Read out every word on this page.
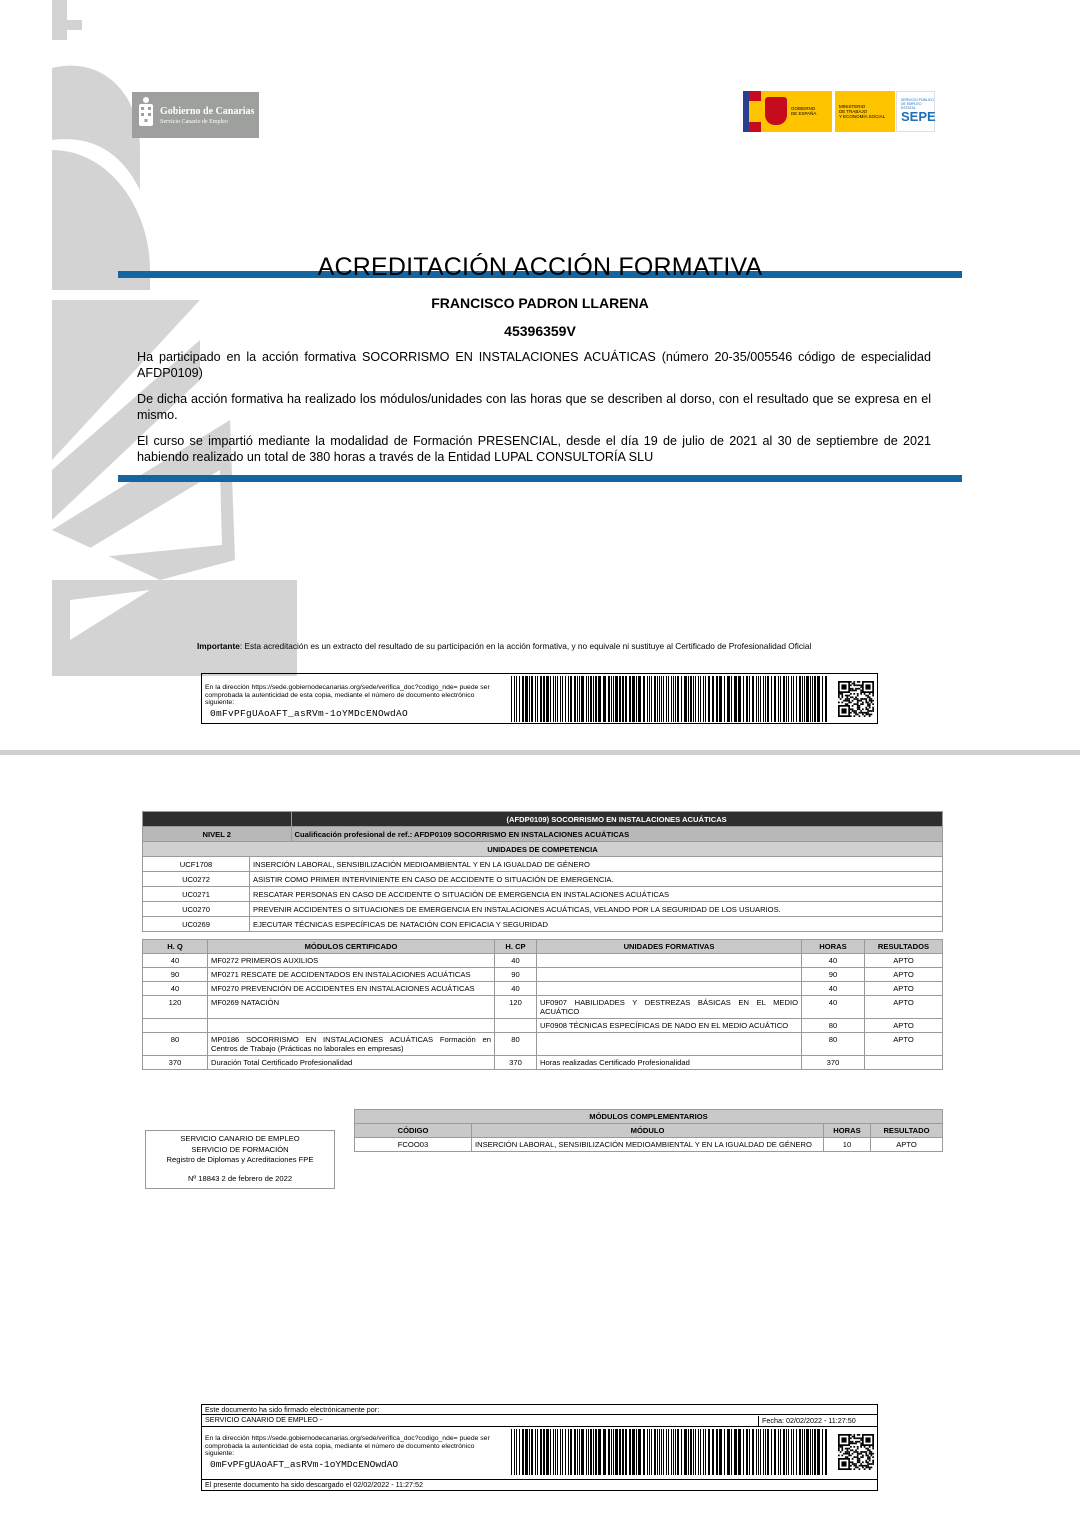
Gobierno de Canarias
Servicio Canario de Empleo
GOBIERNO
DE ESPAÑA
MINISTERIO
DE TRABAJO
Y ECONOMÍA SOCIAL
SERVICIO PÚBLICO
DE EMPLEO ESTATAL
SEPE
ACREDITACIÓN ACCIÓN FORMATIVA
FRANCISCO PADRON LLARENA
45396359V
Ha participado en la acción formativa SOCORRISMO EN INSTALACIONES ACUÁTICAS (número 20-35/005546 código de especialidad AFDP0109)
De dicha acción formativa ha realizado los módulos/unidades con las horas que se describen al dorso, con el resultado que se expresa en el mismo.
El curso se impartió mediante la modalidad de Formación PRESENCIAL, desde el día 19 de julio de 2021 al 30 de septiembre de 2021 habiendo realizado un total de 380 horas a través de la Entidad LUPAL CONSULTORÍA SLU
Importante: Esta acreditación es un extracto del resultado de su participación en la acción formativa, y no equivale ni sustituye al Certificado de Profesionalidad Oficial
En la dirección https://sede.gobiernodecanarias.org/sede/verifica_doc?codigo_nde= puede ser comprobada la autenticidad de esta copia, mediante el número de documento electrónico siguiente:
0mFvPFgUAoAFT_asRVm-1oYMDcENOwdAO
		(AFDP0109) SOCORRISMO EN INSTALACIONES ACUÁTICAS
NIVEL 2		Cualificación profesional de ref.: AFDP0109 SOCORRISMO EN INSTALACIONES ACUÁTICAS
UNIDADES DE COMPETENCIA		
UCF1708	INSERCIÓN LABORAL, SENSIBILIZACIÓN MEDIOAMBIENTAL Y EN LA IGUALDAD DE GÉNERO	
UC0272	ASISTIR COMO PRIMER INTERVINIENTE EN CASO DE ACCIDENTE O SITUACIÓN DE EMERGENCIA.	
UC0271	RESCATAR PERSONAS EN CASO DE ACCIDENTE O SITUACIÓN DE EMERGENCIA EN INSTALACIONES ACUÁTICAS	
UC0270	PREVENIR ACCIDENTES O SITUACIONES DE EMERGENCIA EN INSTALACIONES ACUÁTICAS, VELANDO POR LA SEGURIDAD DE LOS USUARIOS.	
UC0269	EJECUTAR TÉCNICAS ESPECÍFICAS DE NATACIÓN CON EFICACIA Y SEGURIDAD	
H. Q	MÓDULOS CERTIFICADO	H. CP	UNIDADES FORMATIVAS	HORAS	RESULTADOS
40	MF0272 PRIMEROS AUXILIOS	40		40	APTO
90	MF0271 RESCATE DE ACCIDENTADOS EN INSTALACIONES ACUÁTICAS	90		90	APTO
40	MF0270 PREVENCIÓN DE ACCIDENTES EN INSTALACIONES ACUÁTICAS	40		40	APTO
120	MF0269 NATACIÓN	120	UF0907 HABILIDADES Y DESTREZAS BÁSICAS EN EL MEDIO ACUÁTICO	40	APTO
			UF0908 TÉCNICAS ESPECÍFICAS DE NADO EN EL MEDIO ACUÁTICO	80	APTO
80	MP0186 SOCORRISMO EN INSTALACIONES ACUÁTICAS Formación en Centros de Trabajo (Prácticas no laborales en empresas)	80		80	APTO
370	Duración Total Certificado Profesionalidad	370	Horas realizadas Certificado Profesionalidad	370	
MÓDULOS COMPLEMENTARIOS			
CÓDIGO	MÓDULO	HORAS	RESULTADO
FCOO03	INSERCIÓN LABORAL, SENSIBILIZACIÓN MEDIOAMBIENTAL Y EN LA IGUALDAD DE GÉNERO	10	APTO
SERVICIO CANARIO DE EMPLEO
SERVICIO DE FORMACIÓN
Registro de Diplomas y Acreditaciones FPE
Nº 18843 2 de febrero de 2022
Este documento ha sido firmado electrónicamente por:
SERVICIO CANARIO DE EMPLEO -	Fecha: 02/02/2022 - 11:27:50
En la dirección https://sede.gobiernodecanarias.org/sede/verifica_doc?codigo_nde= puede ser comprobada la autenticidad de esta copia, mediante el número de documento electrónico siguiente:
0mFvPFgUAoAFT_asRVm-1oYMDcENOwdAO
El presente documento ha sido descargado el 02/02/2022 - 11:27:52
